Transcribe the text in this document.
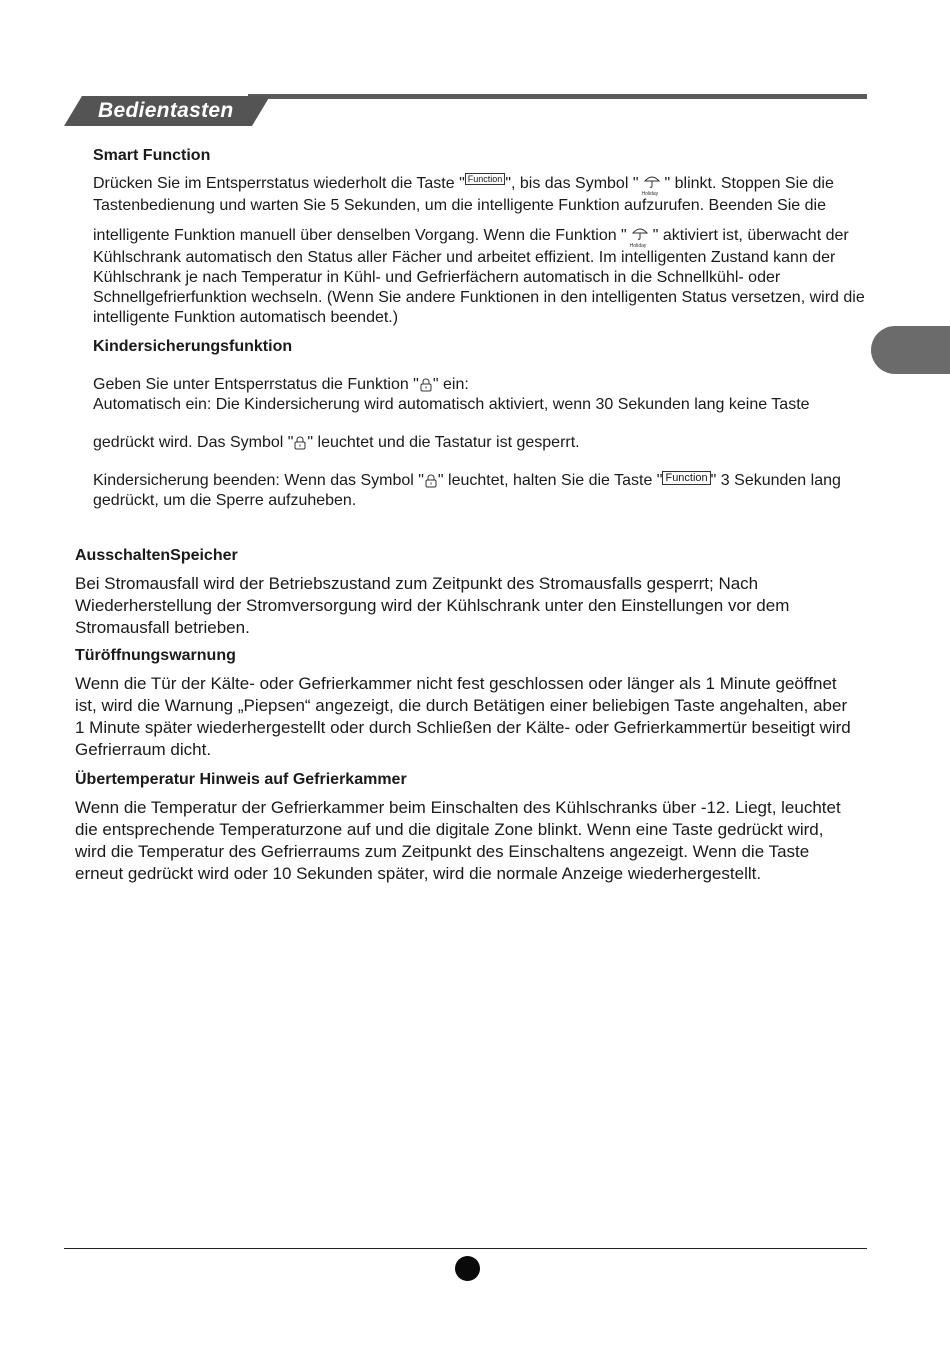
Bedientasten
Smart Function

Drücken Sie im Entsperrstatus wiederholt die Taste " Function ", bis das Symbol "
Holiday
" blinkt. Stoppen Sie die Tastenbedienung und warten Sie 5 Sekunden, um die intelligente Funktion aufzurufen. Beenden Sie die

intelligente Funktion manuell über denselben Vorgang. Wenn die Funktion "
Holiday
" aktiviert ist, überwacht der Kühlschrank automatisch den Status aller Fächer und arbeitet effizient. Im intelligenten Zustand kann der Kühlschrank je nach Temperatur in Kühl- und Gefrierfächern automatisch in die Schnellkühl- oder Schnellgefrierfunktion wechseln. (Wenn Sie andere Funktionen in den intelligenten Status versetzen, wird die intelligente Funktion automatisch beendet.)

Kindersicherungsfunktion

Geben Sie unter Entsperrstatus die Funktion " " ein:

Automatisch ein: Die Kindersicherung wird automatisch aktiviert, wenn 30 Sekunden lang keine Taste

gedrückt wird. Das Symbol " " leuchtet und die Tastatur ist gesperrt.

Kindersicherung beenden: Wenn das Symbol " " leuchtet, halten Sie die Taste " Function " 3 Sekunden lang gedrückt, um die Sperre aufzuheben.

AusschaltenSpeicher

Bei Stromausfall wird der Betriebszustand zum Zeitpunkt des Stromausfalls gesperrt; Nach Wiederherstellung der Stromversorgung wird der Kühlschrank unter den Einstellungen vor dem Stromausfall betrieben.

Türöffnungswarnung

Wenn die Tür der Kälte- oder Gefrierkammer nicht fest geschlossen oder länger als 1 Minute geöffnet ist, wird die Warnung „Piepsen“ angezeigt, die durch Betätigen einer beliebigen Taste angehalten, aber 1 Minute später wiederhergestellt oder durch Schließen der Kälte- oder Gefrierkammertür beseitigt wird Gefrierraum dicht.

Übertemperatur Hinweis auf Gefrierkammer

Wenn die Temperatur der Gefrierkammer beim Einschalten des Kühlschranks über -12. Liegt, leuchtet die entsprechende Temperaturzone auf und die digitale Zone blinkt. Wenn eine Taste gedrückt wird, wird die Temperatur des Gefrierraums zum Zeitpunkt des Einschaltens angezeigt. Wenn die Taste erneut gedrückt wird oder 10 Sekunden später, wird die normale Anzeige wiederhergestellt.
